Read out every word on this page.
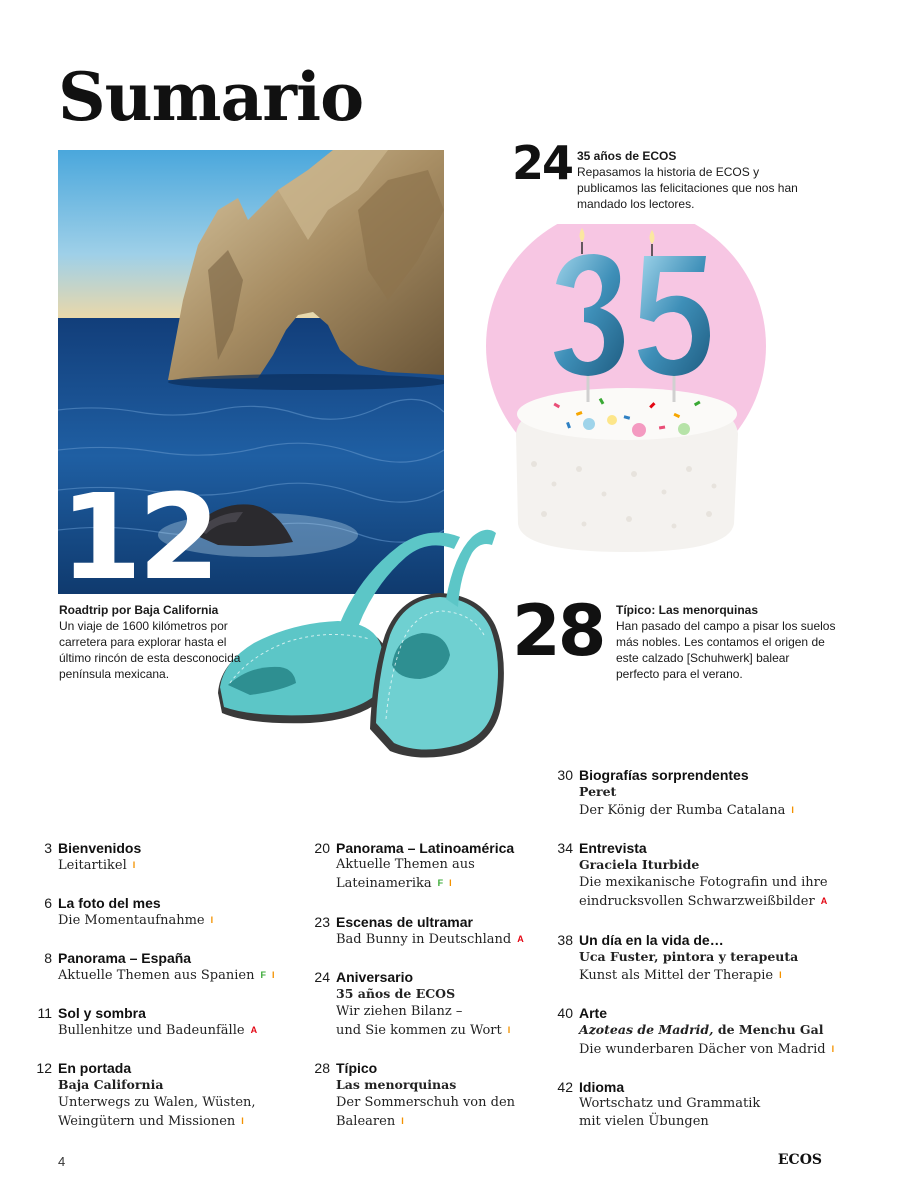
Sumario
12
24 35 años de ECOS
Repasamos la historia de ECOS y publicamos las felicitaciones que nos han mandado los lectores.
Roadtrip por Baja California
Un viaje de 1600 kilómetros por carretera para explorar hasta el último rincón de esta desconocida península mexicana.
28 Típico: Las menorquinas
Han pasado del campo a pisar los suelos más nobles. Les contamos el origen de este calzado [Schuhwerk] balear perfecto para el verano.
3 Bienvenidos
Leitartikel I
6 La foto del mes
Die Momentaufnahme I
8 Panorama – España
Aktuelle Themen aus Spanien F I
11 Sol y sombra
Bullenhitze und Badeunfälle A
12 En portada
Baja California
Unterwegs zu Walen, Wüsten,
Weingütern und Missionen I
20 Panorama – Latinoamérica
Aktuelle Themen aus
Lateinamerika F I
23 Escenas de ultramar
Bad Bunny in Deutschland A
24 Aniversario
35 años de ECOS
Wir ziehen Bilanz –
und Sie kommen zu Wort I
28 Típico
Las menorquinas
Der Sommerschuh von den
Balearen I
30 Biografías sorprendentes
Peret
Der König der Rumba Catalana I
34 Entrevista
Graciela Iturbide
Die mexikanische Fotografin und ihre
eindrucksvollen Schwarzweißbilder A
38 Un día en la vida de…
Uca Fuster, pintora y terapeuta
Kunst als Mittel der Therapie I
40 Arte
Azoteas de Madrid, de Menchu Gal
Die wunderbaren Dächer von Madrid I
42 Idioma
Wortschatz und Grammatik
mit vielen Übungen
4	ECOS
